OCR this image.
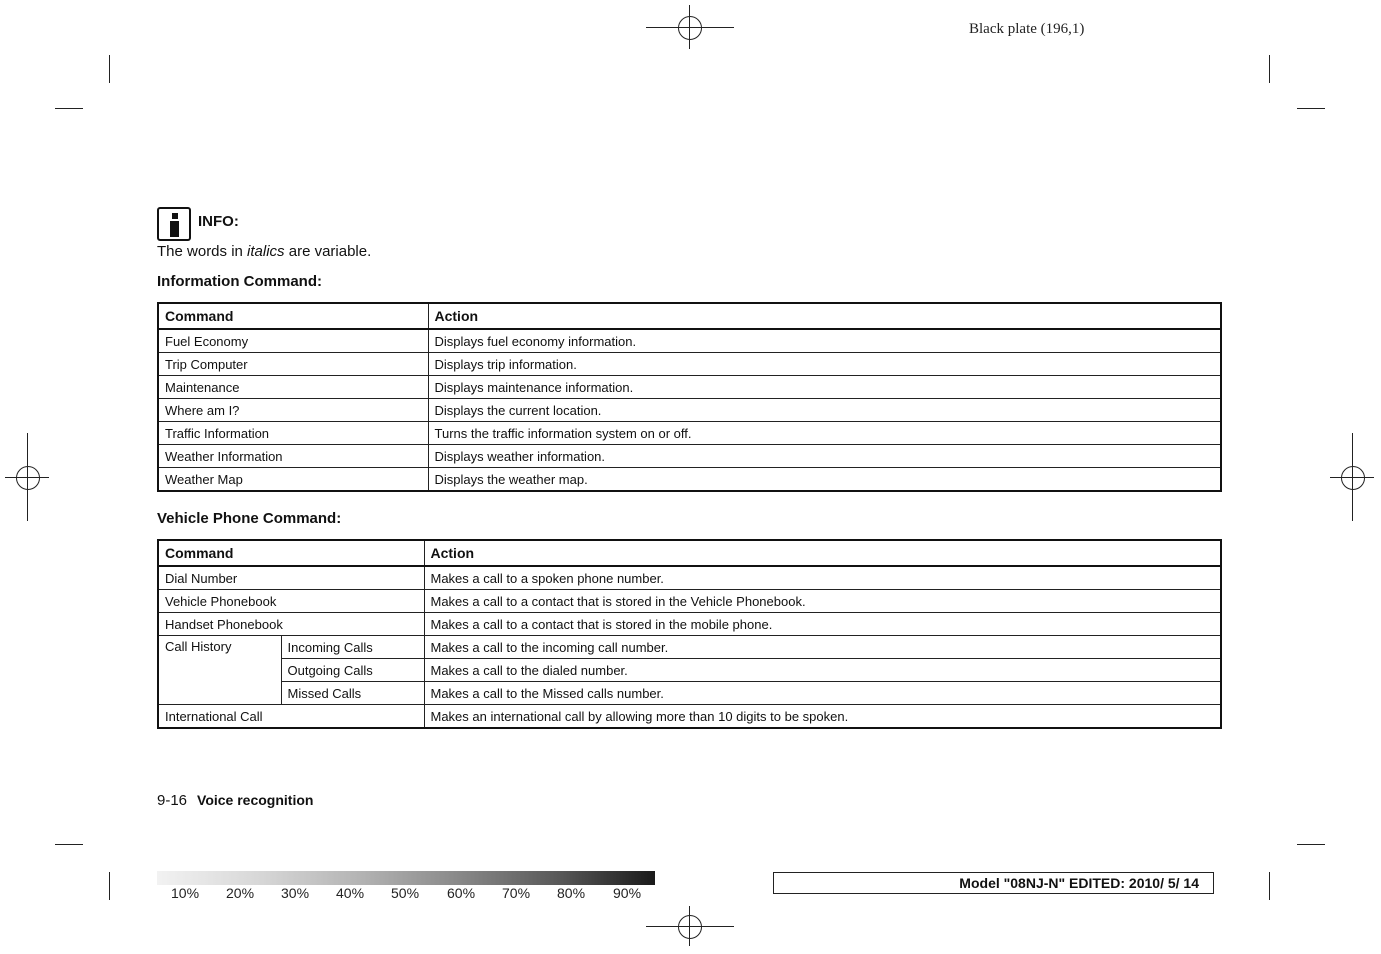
Black plate (196,1)
INFO:
The words in italics are variable.
Information Command:
Command	Action
Fuel Economy	Displays fuel economy information.
Trip Computer	Displays trip information.
Maintenance	Displays maintenance information.
Where am I?	Displays the current location.
Traffic Information	Turns the traffic information system on or off.
Weather Information	Displays weather information.
Weather Map	Displays the weather map.
Vehicle Phone Command:
Command		Action
Dial Number		Makes a call to a spoken phone number.
Vehicle Phonebook		Makes a call to a contact that is stored in the Vehicle Phonebook.
Handset Phonebook		Makes a call to a contact that is stored in the mobile phone.
Call History	Incoming Calls	Makes a call to the incoming call number.
	Outgoing Calls	Makes a call to the dialed number.
	Missed Calls	Makes a call to the Missed calls number.
International Call		Makes an international call by allowing more than 10 digits to be spoken.
9-16 Voice recognition
10% 20% 30% 40% 50% 60% 70% 80% 90%
Model "08NJ-N" EDITED: 2010/ 5/ 14
